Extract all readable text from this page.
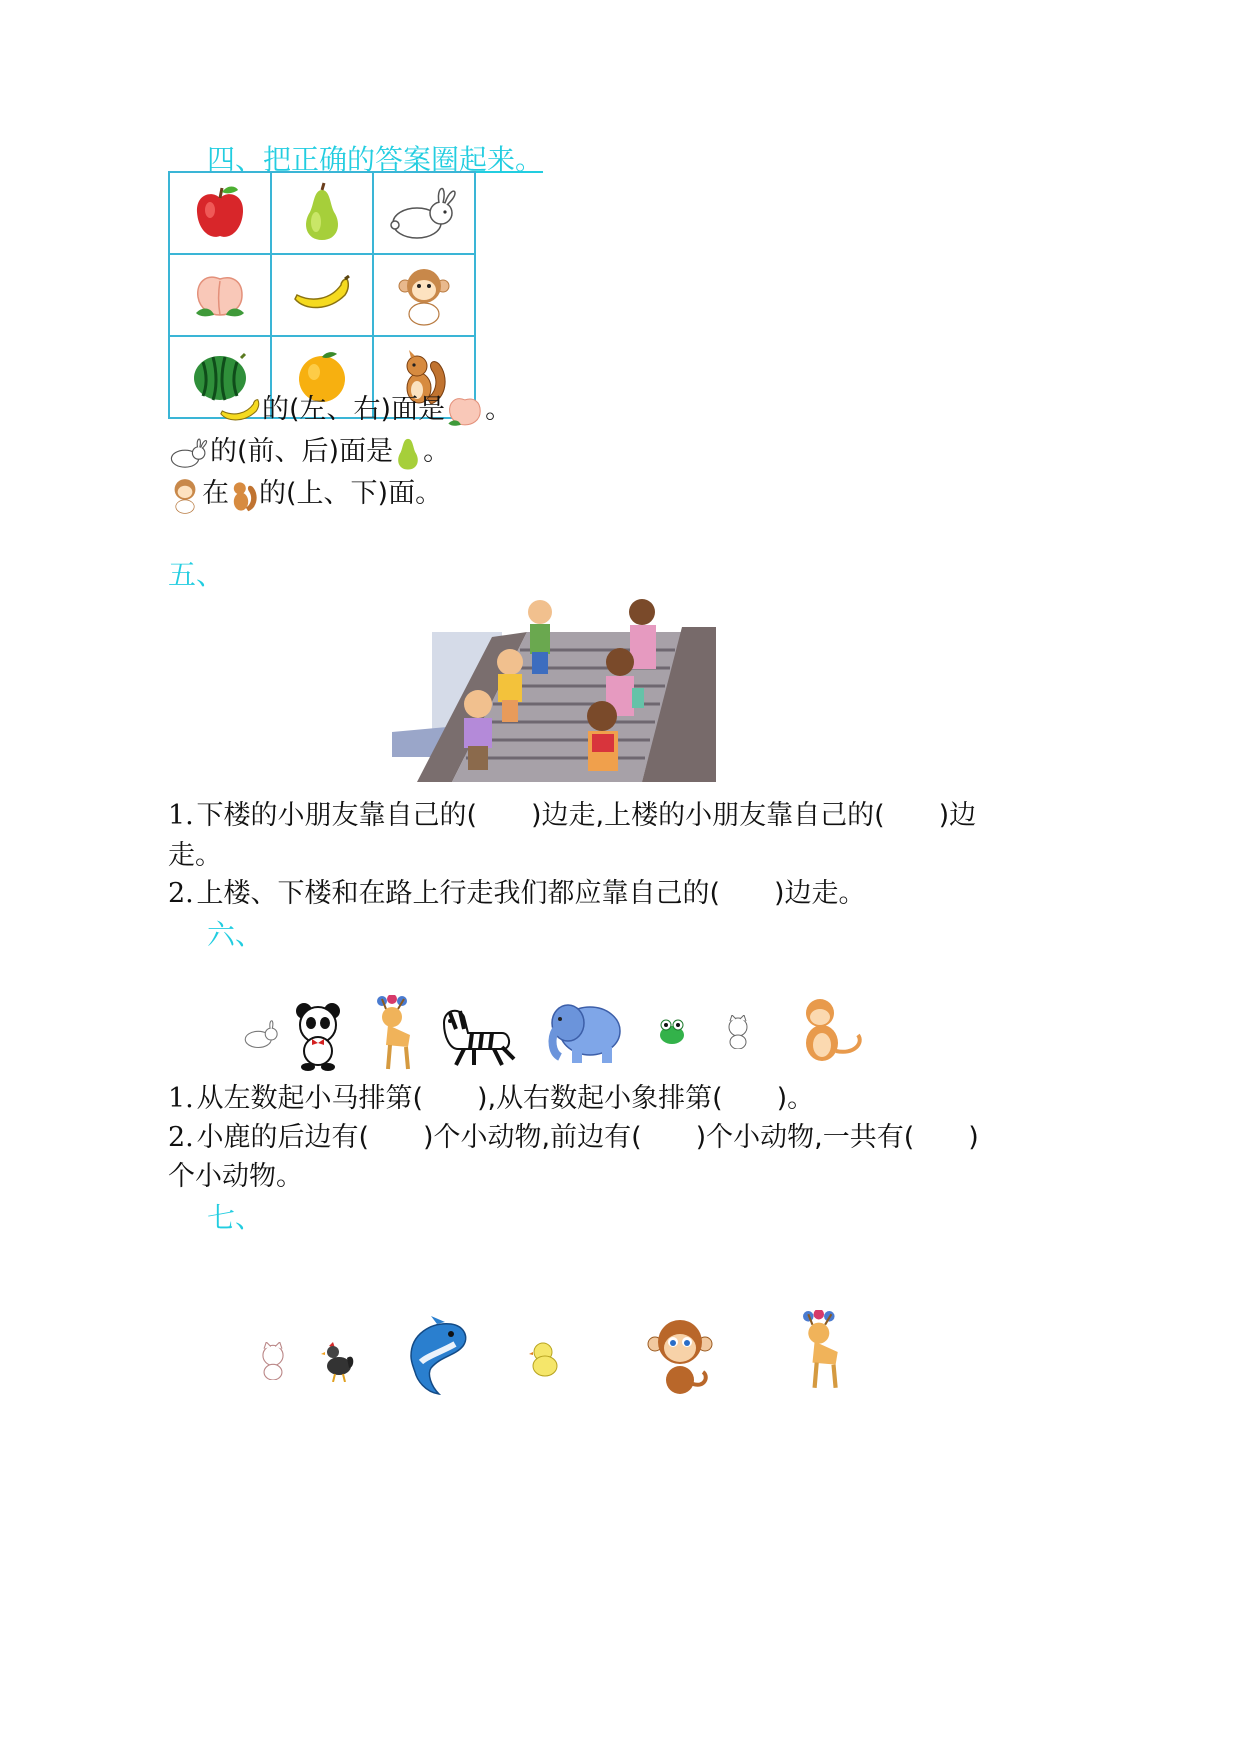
四、把正确的答案圈起来。

的(左、右)面是 。
的(前、后)面是 。
在 的(上、下)面。
五、
1.  下楼的小朋友靠自己的(　　)边走,上楼的小朋友靠自己的(　　)边
走。
2.  上楼、下楼和在路上行走我们都应靠自己的(　　)边走。
六、
1.  从左数起小马排第(　　),从右数起小象排第(　　)。
2.  小鹿的后边有(　　)个小动物,前边有(　　)个小动物,一共有(　　)
个小动物。
七、
